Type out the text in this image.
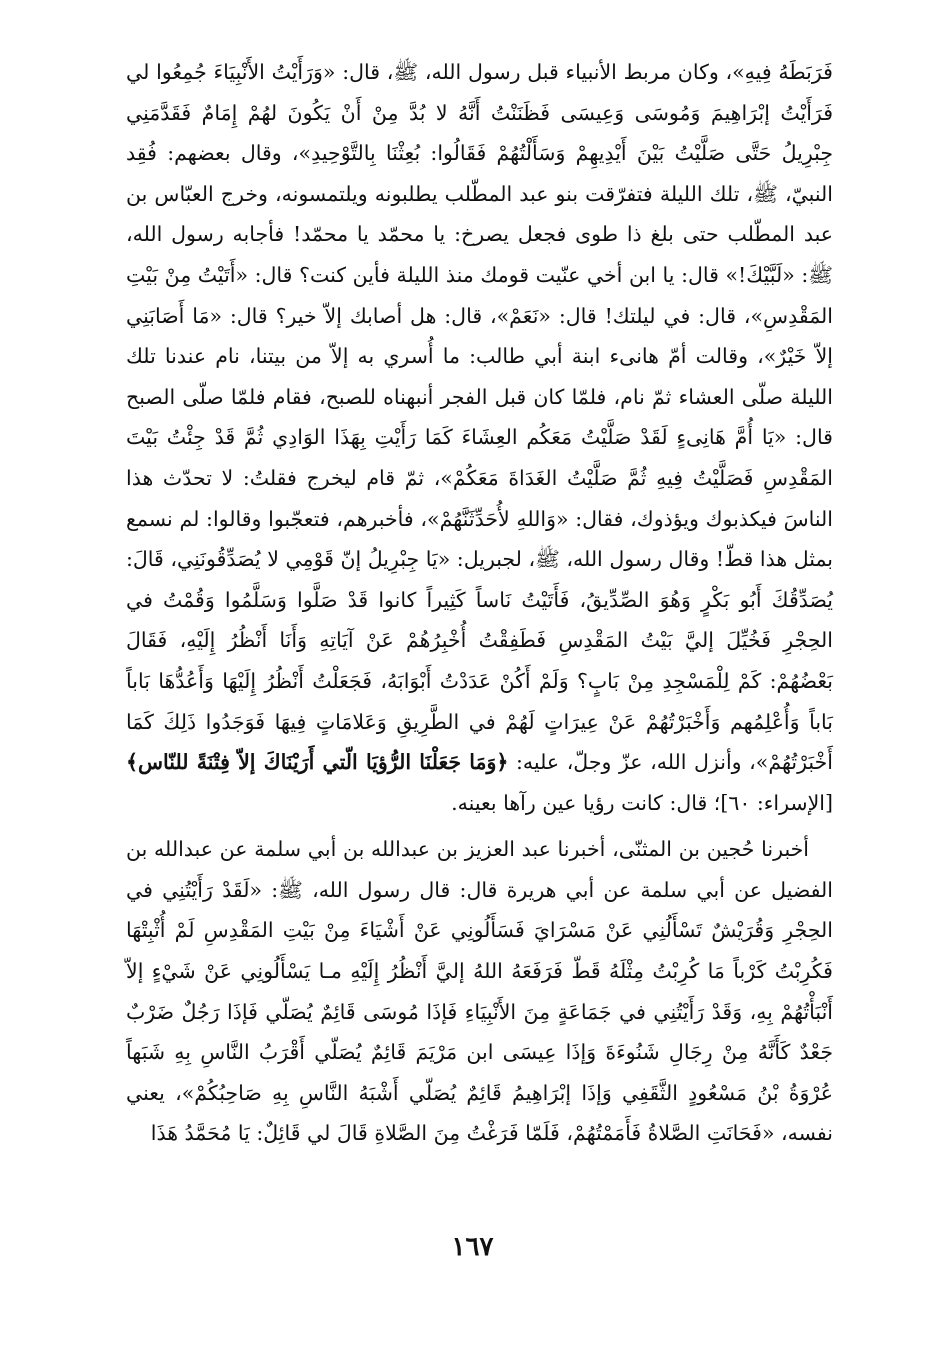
فَرَبَطَهُ فِيهِ»، وكان مربط الأنبياء قبل رسول الله، ﷺ، قال: «وَرَأَيْتُ الأَنْبِيَاءَ جُمِعُوا لي فَرَأَيْتُ إبْرَاهِيمَ وَمُوسَى وَعِيسَى فَظَنَنْتُ أَنَّهُ لا بُدَّ مِنْ أَنْ يَكُونَ لهُمْ إِمَامٌ فَقَدَّمَنِي جِبْرِيلُ حَتَّى صَلَّيْتُ بَيْنَ أَيْدِيهِمْ وَسَأَلْتُهُمْ فَقَالُوا: بُعِثْنَا بِالتَّوْحِيدِ»، وقال بعضهم: فُقِد النبيّ، ﷺ، تلك الليلة فتفرّقت بنو عبد المطّلب يطلبونه ويلتمسونه، وخرج العبّاس بن عبد المطّلب حتى بلغ ذا طوى فجعل يصرخ: يا محمّد يا محمّد! فأجابه رسول الله، ﷺ: «لَبَّيْكَ!» قال: يا ابن أخي عنّيت قومك منذ الليلة فأين كنت؟ قال: «أَتَيْتُ مِنْ بَيْتِ المَقْدِسِ»، قال: في ليلتك! قال: «نَعَمْ»، قال: هل أصابك إلاّ خير؟ قال: «مَا أَصَابَنِي إلاّ خَيْرٌ»، وقالت أمّ هانىء ابنة أبي طالب: ما أُسري به إلاّ من بيتنا، نام عندنا تلك الليلة صلّى العشاء ثمّ نام، فلمّا كان قبل الفجر أنبهناه للصبح، فقام فلمّا صلّى الصبح قال: «يَا أُمَّ هَانِىءٍ لَقَدْ صَلَّيْتُ مَعَكُم العِشَاءَ كَمَا رَأَيْتِ بِهَذَا الوَادِي ثُمَّ قَدْ جِئْتُ بَيْتَ المَقْدِسِ فَصَلَّيْتُ فِيهِ ثُمَّ صَلَّيْتُ الغَدَاةَ مَعَكُمْ»، ثمّ قام ليخرج فقلتُ: لا تحدّث هذا الناسَ فيكذبوك ويؤذوك، فقال: «وَاللهِ لأُحَدِّثَنَّهُمْ»، فأخبرهم، فتعجّبوا وقالوا: لم نسمع بمثل هذا قطّ! وقال رسول الله، ﷺ، لجبريل: «يَا جِبْرِيلُ إنّ قَوْمِي لا يُصَدِّقُونَنِي، قَالَ: يُصَدِّقُكَ أَبُو بَكْرٍ وَهُوَ الصِّدِّيقُ، فَأَتَيْتُ نَاساً كَثِيراً كانوا قَدْ صَلَّوا وَسَلَّمُوا وَقُمْتُ في الحِجْرِ فَخُيِّلَ إليَّ بَيْتُ المَقْدِسِ فَطَفِقْتُ أُخْبِرُهُمْ عَنْ آيَاتِهِ وَأَنَا أَنْظُرُ إِلَيْهِ، فَقَالَ بَعْضُهُمْ: كَمْ لِلْمَسْجِدِ مِنْ بَابٍ؟ وَلَمْ أَكُنْ عَدَدْتُ أَبْوَابَهُ، فَجَعَلْتُ أَنْظُرُ إِلَيْهَا وَأَعُدُّهَا بَاباً بَاباً وَأُعْلِمُهم وَأَخْبَرْتُهُمْ عَنْ عِيرَاتٍ لَهُمْ في الطَّرِيقِ وَعَلامَاتٍ فِيهَا فَوَجَدُوا ذَلِكَ كَمَا أَخْبَرْتُهُمْ»، وأنزل الله، عزّ وجلّ، عليه: ﴿وَمَا جَعَلْنَا الرُّؤيَا الّتي أَرَيْنَاكَ إلاّ فِتْنَةً للنّاس﴾ [الإسراء: ٦٠]؛ قال: كانت رؤيا عين رآها بعينه.

أخبرنا حُجين بن المثنّى، أخبرنا عبد العزيز بن عبدالله بن أبي سلمة عن عبدالله بن الفضيل عن أبي سلمة عن أبي هريرة قال: قال رسول الله، ﷺ: «لَقَدْ رَأَيْتُنِي في الحِجْرِ وَقُرَيْشٌ تَسْأَلُنِي عَنْ مَسْرَايَ فَسَأَلُونِي عَنْ أَشْيَاءَ مِنْ بَيْتِ المَقْدِسِ لَمْ أُثْبِتْهَا فَكُرِبْتُ كَرْباً مَا كُرِبْتُ مِثْلَهُ قَطّ فَرَفَعَهُ اللهُ إليَّ أَنْظُرُ إِلَيْهِ مـا يَسْأَلُونِي عَنْ شَيْءٍ إلاّ أَنْبَأْتُهُمْ بِهِ، وَقَدْ رَأَيْتُنِي في جَمَاعَةٍ مِنَ الأَنْبِيَاءِ فَإذَا مُوسَى قَائِمٌ يُصَلّي فَإذَا رَجُلٌ ضَرْبٌ جَعْدٌ كَأَنَّهُ مِنْ رِجَالِ شَنُوءَةَ وَإذَا عِيسَى ابن مَرْيَمَ قَائِمٌ يُصَلّي أَقْرَبُ النَّاسِ بِهِ شَبَهاً عُرْوَةُ بْنُ مَسْعُودٍ الثَّقَفِي وَإذَا إبْرَاهِيمُ قَائِمٌ يُصَلّي أَشْبَهُ النَّاسِ بِهِ صَاحِبُكُمْ»، يعني نفسه، «فَحَانَتِ الصَّلاةُ فَأَمَمْتُهُمْ، فَلَمّا فَرَغْتُ مِنَ الصَّلاةِ قَالَ لي قَائِلٌ: يَا مُحَمَّدُ هَذَا

١٦٧
